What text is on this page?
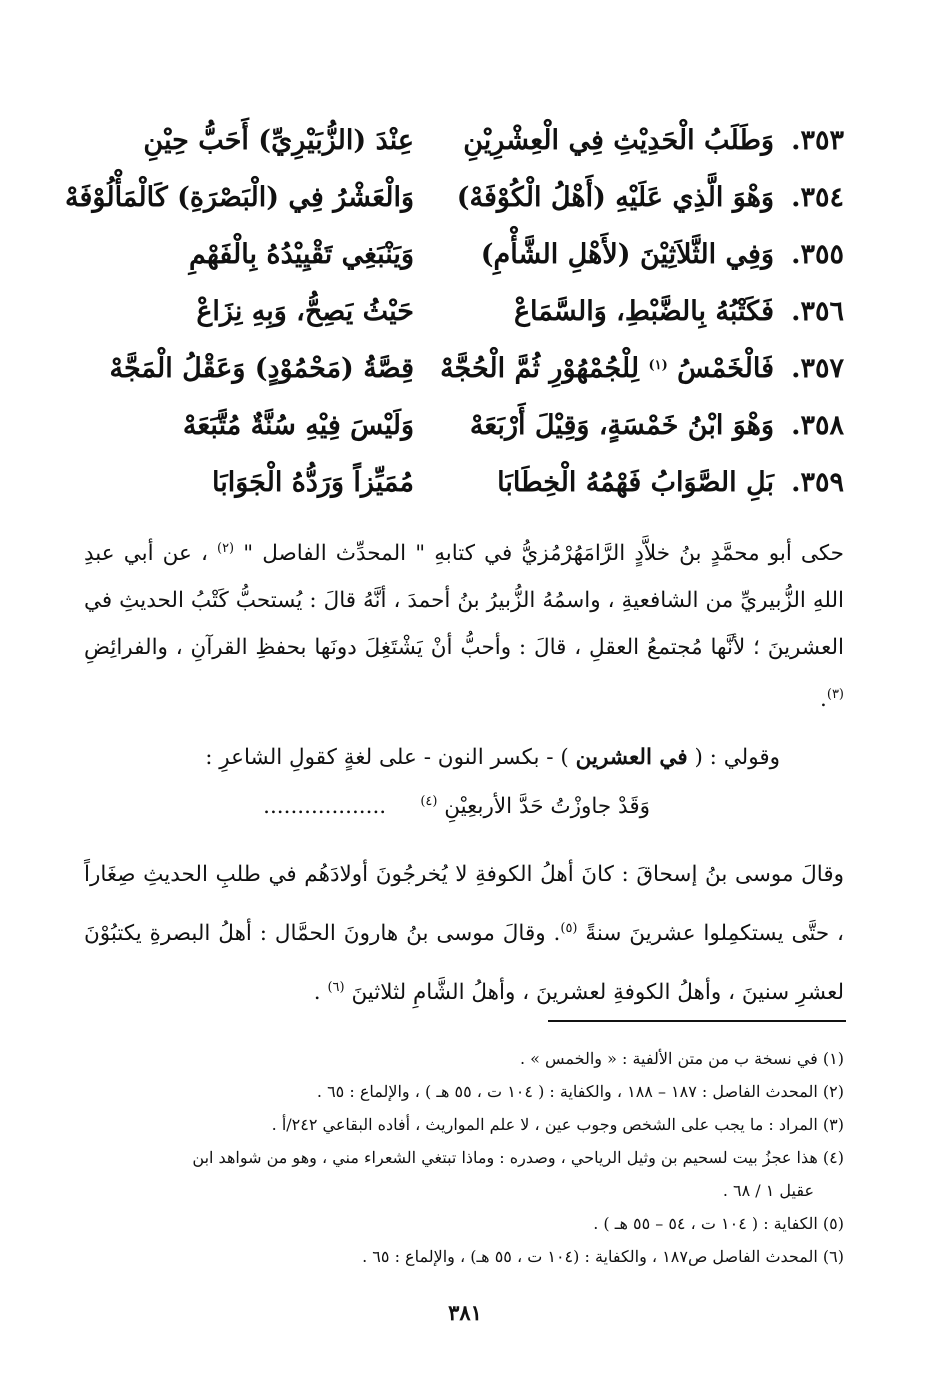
٣٥٣.
وَطَلَبُ الْحَدِيْثِ فِي الْعِشْرِيْنِ
عِنْدَ (الزُّبَيْرِيِّ) أَحَبُّ حِيْنِ
٣٥٤.
وَهْوَ الَّذِي عَلَيْهِ (أَهْلُ الْكُوْفَهْ)
وَالْعَشْرُ فِي (الْبَصْرَةِ) كَالْمَأْلُوْفَهْ
٣٥٥.
وَفِي الثَّلاَثِيْنَ (لأَهْلِ الشَّأْمِ)
وَيَنْبَغِي تَقْيِيْدُهُ بِالْفَهْمِ
٣٥٦.
فَكَتْبُهُ بِالضَّبْطِ، وَالسَّمَاعْ
حَيْثُ يَصِحُّ، وَبِهِ نِزَاعْ
٣٥٧.
فَالْخَمْسُ $^{(١)}$ لِلْجُمْهُوْرِ ثُمَّ الْحُجَّهْ
قِصَّةُ (مَحْمُوْدٍ) وَعَقْلُ الْمَجَّهْ
٣٥٨.
وَهْوَ ابْنُ خَمْسَةٍ، وَقِيْلَ أَرْبَعَهْ
وَلَيْسَ فِيْهِ سُنَّةٌ مُتَّبَعَهْ
٣٥٩.
بَلِ الصَّوَابُ فَهْمُهُ الْخِطَابَا
مُمَيِّزاً وَرَدُّهُ الْجَوَابَا

حكى أبو محمَّدٍ بنُ خلاَّدٍ الرَّامَهُرْمُزيُّ في كتابهِ " المحدِّث الفاصل " $^{(٢)}$ ، عن أبي عبدِ اللهِ الزُّبيريِّ من الشافعيةِ ، واسمُهُ الزُّبيرُ بنُ أحمدَ ، أنَّهُ قالَ : يُستحبُّ كَتْبُ الحديثِ في العشرينَ ؛ لأنَّها مُجتمعُ العقلِ ، قالَ : وأحبُّ أنْ يَشْتَغِلَ دونَها بحفظِ القرآنِ ، والفرائِضِ $^{(٣)}$.

وقولي : ( في العشرين ) - بكسر النون - على لغةٍ كقولِ الشاعرِ :
وَقَدْ جاوزْتُ حَدَّ الأربعِيْنِ $^{(٤)}$     ..................

وقالَ موسى بنُ إسحاقَ : كانَ أهلُ الكوفةِ لا يُخرجُونَ أولادَهُم في طلبِ الحديثِ صِغَاراً ، حتَّى يستكمِلوا عشرينَ سنةً $^{(٥)}$. وقالَ موسى بنُ هارونَ الحمَّال : أهلُ البصرةِ يكتبُوْنَ لعشرِ سنينَ ، وأهلُ الكوفةِ لعشرينَ ، وأهلُ الشَّامِ لثلاثينَ $^{(٦)}$ .

(١) في نسخة ب من متن الألفية : « والخمس » .

(٢) المحدث الفاصل : ١٨٧ – ١٨٨ ، والكفاية : ( ١٠٤ ت ، ٥٥ هـ ) ، والإلماع : ٦٥ .

(٣) المراد : ما يجب على الشخص وجوب عين ، لا علم المواريث ، أفاده البقاعي ٢٤٢/أ .

(٤) هذا عجزُ بيت لسحيم بن وثيل الرياحي ، وصدره : وماذا تبتغي الشعراء مني ، وهو من شواهد ابن

عقيل ١ / ٦٨ .

(٥) الكفاية : ( ١٠٤ ت ، ٥٤ – ٥٥ هـ ) .

(٦) المحدث الفاصل ص١٨٧ ، والكفاية : (١٠٤ ت ، ٥٥ هـ) ، والإلماع : ٦٥ .

٣٨١
